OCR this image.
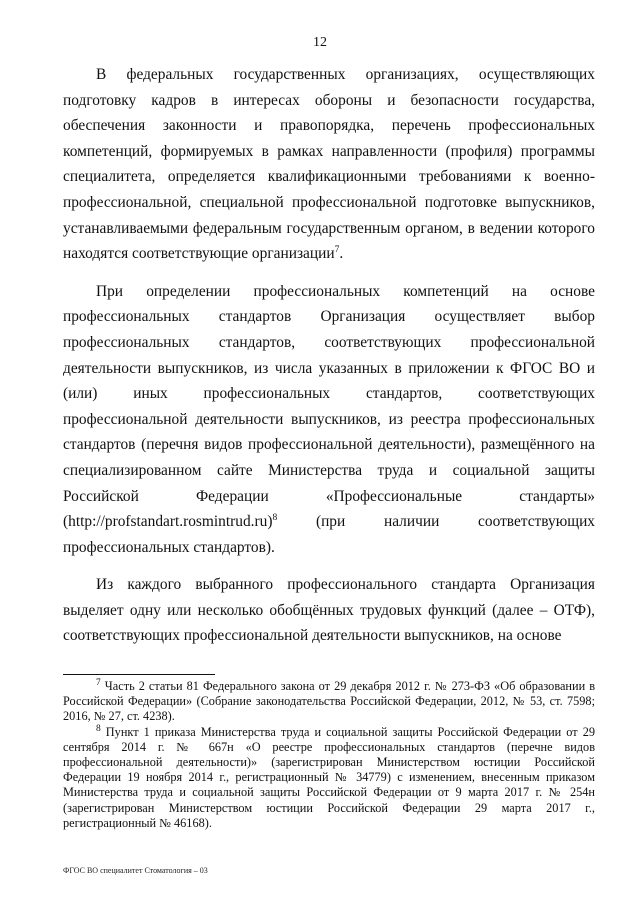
12

В федеральных государственных организациях, осуществляющих подготовку кадров в интересах обороны и безопасности государства, обеспечения законности и правопорядка, перечень профессиональных компетенций, формируемых в рамках направленности (профиля) программы специалитета, определяется квалификационными требованиями к военно-профессиональной, специальной профессиональной подготовке выпускников, устанавливаемыми федеральным государственным органом, в ведении которого находятся соответствующие организации$^7$.

При определении профессиональных компетенций на основе профессиональных стандартов Организация осуществляет выбор профессиональных стандартов, соответствующих профессиональной деятельности выпускников, из числа указанных в приложении к ФГОС ВО и (или) иных профессиональных стандартов, соответствующих профессиональной деятельности выпускников, из реестра профессиональных стандартов (перечня видов профессиональной деятельности), размещённого на специализированном сайте Министерства труда и социальной защиты Российской Федерации «Профессиональные стандарты» (http://profstandart.rosmintrud.ru)$^8$ (при наличии соответствующих профессиональных стандартов).

Из каждого выбранного профессионального стандарта Организация выделяет одну или несколько обобщённых трудовых функций (далее – ОТФ), соответствующих профессиональной деятельности выпускников, на основе

$^7$ Часть 2 статьи 81 Федерального закона от 29 декабря 2012 г. № 273-ФЗ «Об образовании в Российской Федерации» (Собрание законодательства Российской Федерации, 2012, № 53, ст. 7598; 2016, № 27, ст. 4238).

$^8$ Пункт 1 приказа Министерства труда и социальной защиты Российской Федерации от 29 сентября 2014 г. № 667н «О реестре профессиональных стандартов (перечне видов профессиональной деятельности)» (зарегистрирован Министерством юстиции Российской Федерации 19 ноября 2014 г., регистрационный № 34779) с изменением, внесенным приказом Министерства труда и социальной защиты Российской Федерации от 9 марта 2017 г. № 254н (зарегистрирован Министерством юстиции Российской Федерации 29 марта 2017 г., регистрационный № 46168).

ФГОС ВО специалитет Стоматология – 03
